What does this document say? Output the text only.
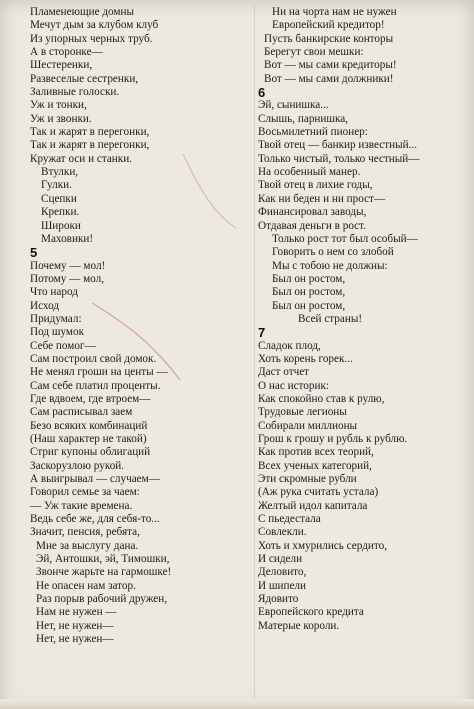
Пламенеющие домны
Мечут дым за клубом клуб
Из упорных черных труб.
А в сторонке—
Шестеренки,
Развеселые сестренки,
Заливные голоски.
Уж и тонки,
Уж и звонки.
Так и жарят в перегонки,
Так и жарят в перегонки,
Кружат оси и станки.
Втулки,
Гулки.
Сцепки
Крепки.
Широки
Маховики!
5
Почему — мол!
Потому — мол,
Что народ
Исход
Придумал:
Под шумок
Себе помог—
Сам построил свой домок.
Не менял гроши на центы —
Сам себе платил проценты.
Где вдвоем, где втроем—
Сам расписывал заем
Безо всяких комбинаций
(Наш характер не такой)
Стриг купоны облигаций
Заскорузлою рукой.
А выигрывал — случаем—
Говорил семье за чаем:
— Уж такие времена.
Ведь себе же, для себя-то...
Значит, пенсия, ребята,
Мне за выслугу дана.
Эй, Антошки, эй, Тимошки,
Звонче жарьте на гармошке!
Не опасен нам затор.
Раз порыв рабочий дружен,
Нам не нужен —
Нет, не нужен—
Нет, не нужен—
Ни на чорта нам не нужен
Европейский кредитор!
Пусть банкирские конторы
Берегут свои мешки:
Вот — мы сами кредиторы!
Вот — мы сами должники!
6
Эй, сынишка...
Слышь, парнишка,
Восьмилетний пионер:
Твой отец — банкир известный...
Только чистый, только честный—
На особенный манер.
Твой отец в лихие годы,
Как ни беден и ни прост—
Финансировал заводы,
Отдавая деньги в рост.
Только рост тот был особый—
Говорить о нем со злобой
Мы с тобою не должны:
Был он ростом,
Был он ростом,
Был он ростом,
Всей страны!
7
Сладок плод,
Хоть корень горек...
Даст отчет
О нас историк:
Как спокойно став к рулю,
Трудовые легионы
Собирали миллионы
Грош к грошу и рубль к рублю.
Как против всех теорий,
Всех ученых категорий,
Эти скромные рубли
(Аж рука считать устала)
Желтый идол капитала
С пьедестала
Совлекли.
Хоть и хмурились сердито,
И сидели
Деловито,
И шипели
Ядовито
Европейского кредита
Матерые короли.
